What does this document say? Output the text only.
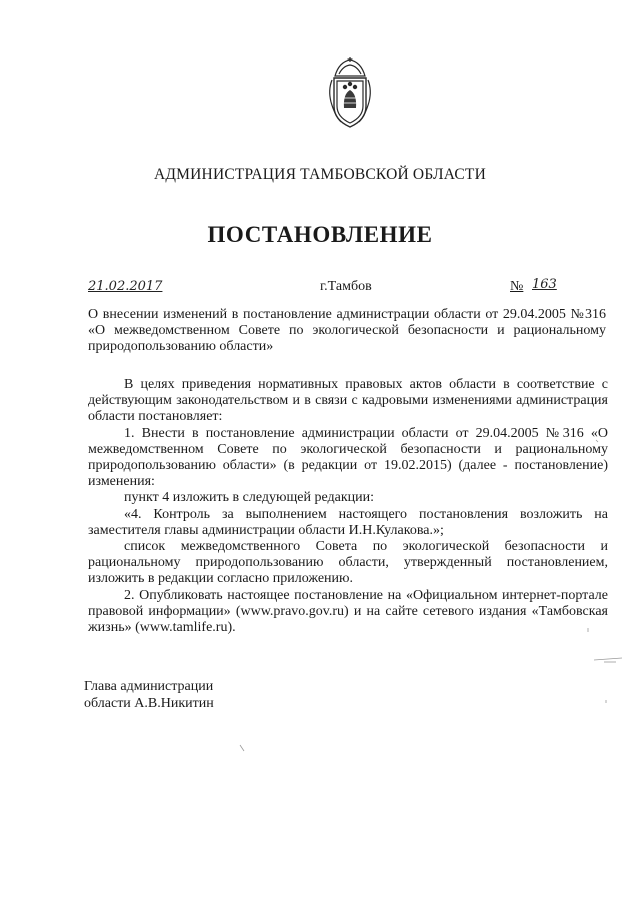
АДМИНИСТРАЦИЯ ТАМБОВСКОЙ ОБЛАСТИ
ПОСТАНОВЛЕНИЕ
21.02.2017	г.Тамбов	№ 163
О внесении изменений в постановление администрации области от 29.04.2005 №316 «О межведомственном Совете по экологической безопасности и рациональному природопользованию области»

В целях приведения нормативных правовых актов области в соответствие с действующим законодательством и в связи с кадровыми изменениями администрация области постановляет:

1. Внести в постановление администрации области от 29.04.2005 №316 «О межведомственном Совете по экологической безопасности и рациональному природопользованию области» (в редакции от 19.02.2015) (далее - постановление) изменения:

пункт 4 изложить в следующей редакции:

«4. Контроль за выполнением настоящего постановления возложить на заместителя главы администрации области И.Н.Кулакова.»;

список межведомственного Совета по экологической безопасности и рациональному природопользованию области, утвержденный постановлением, изложить в редакции согласно приложению.

2. Опубликовать настоящее постановление на «Официальном интернет-портале правовой информации» (www.pravo.gov.ru) и на сайте сетевого издания «Тамбовская жизнь» (www.tamlife.ru).

Глава администрации
области А.В.Никитин
